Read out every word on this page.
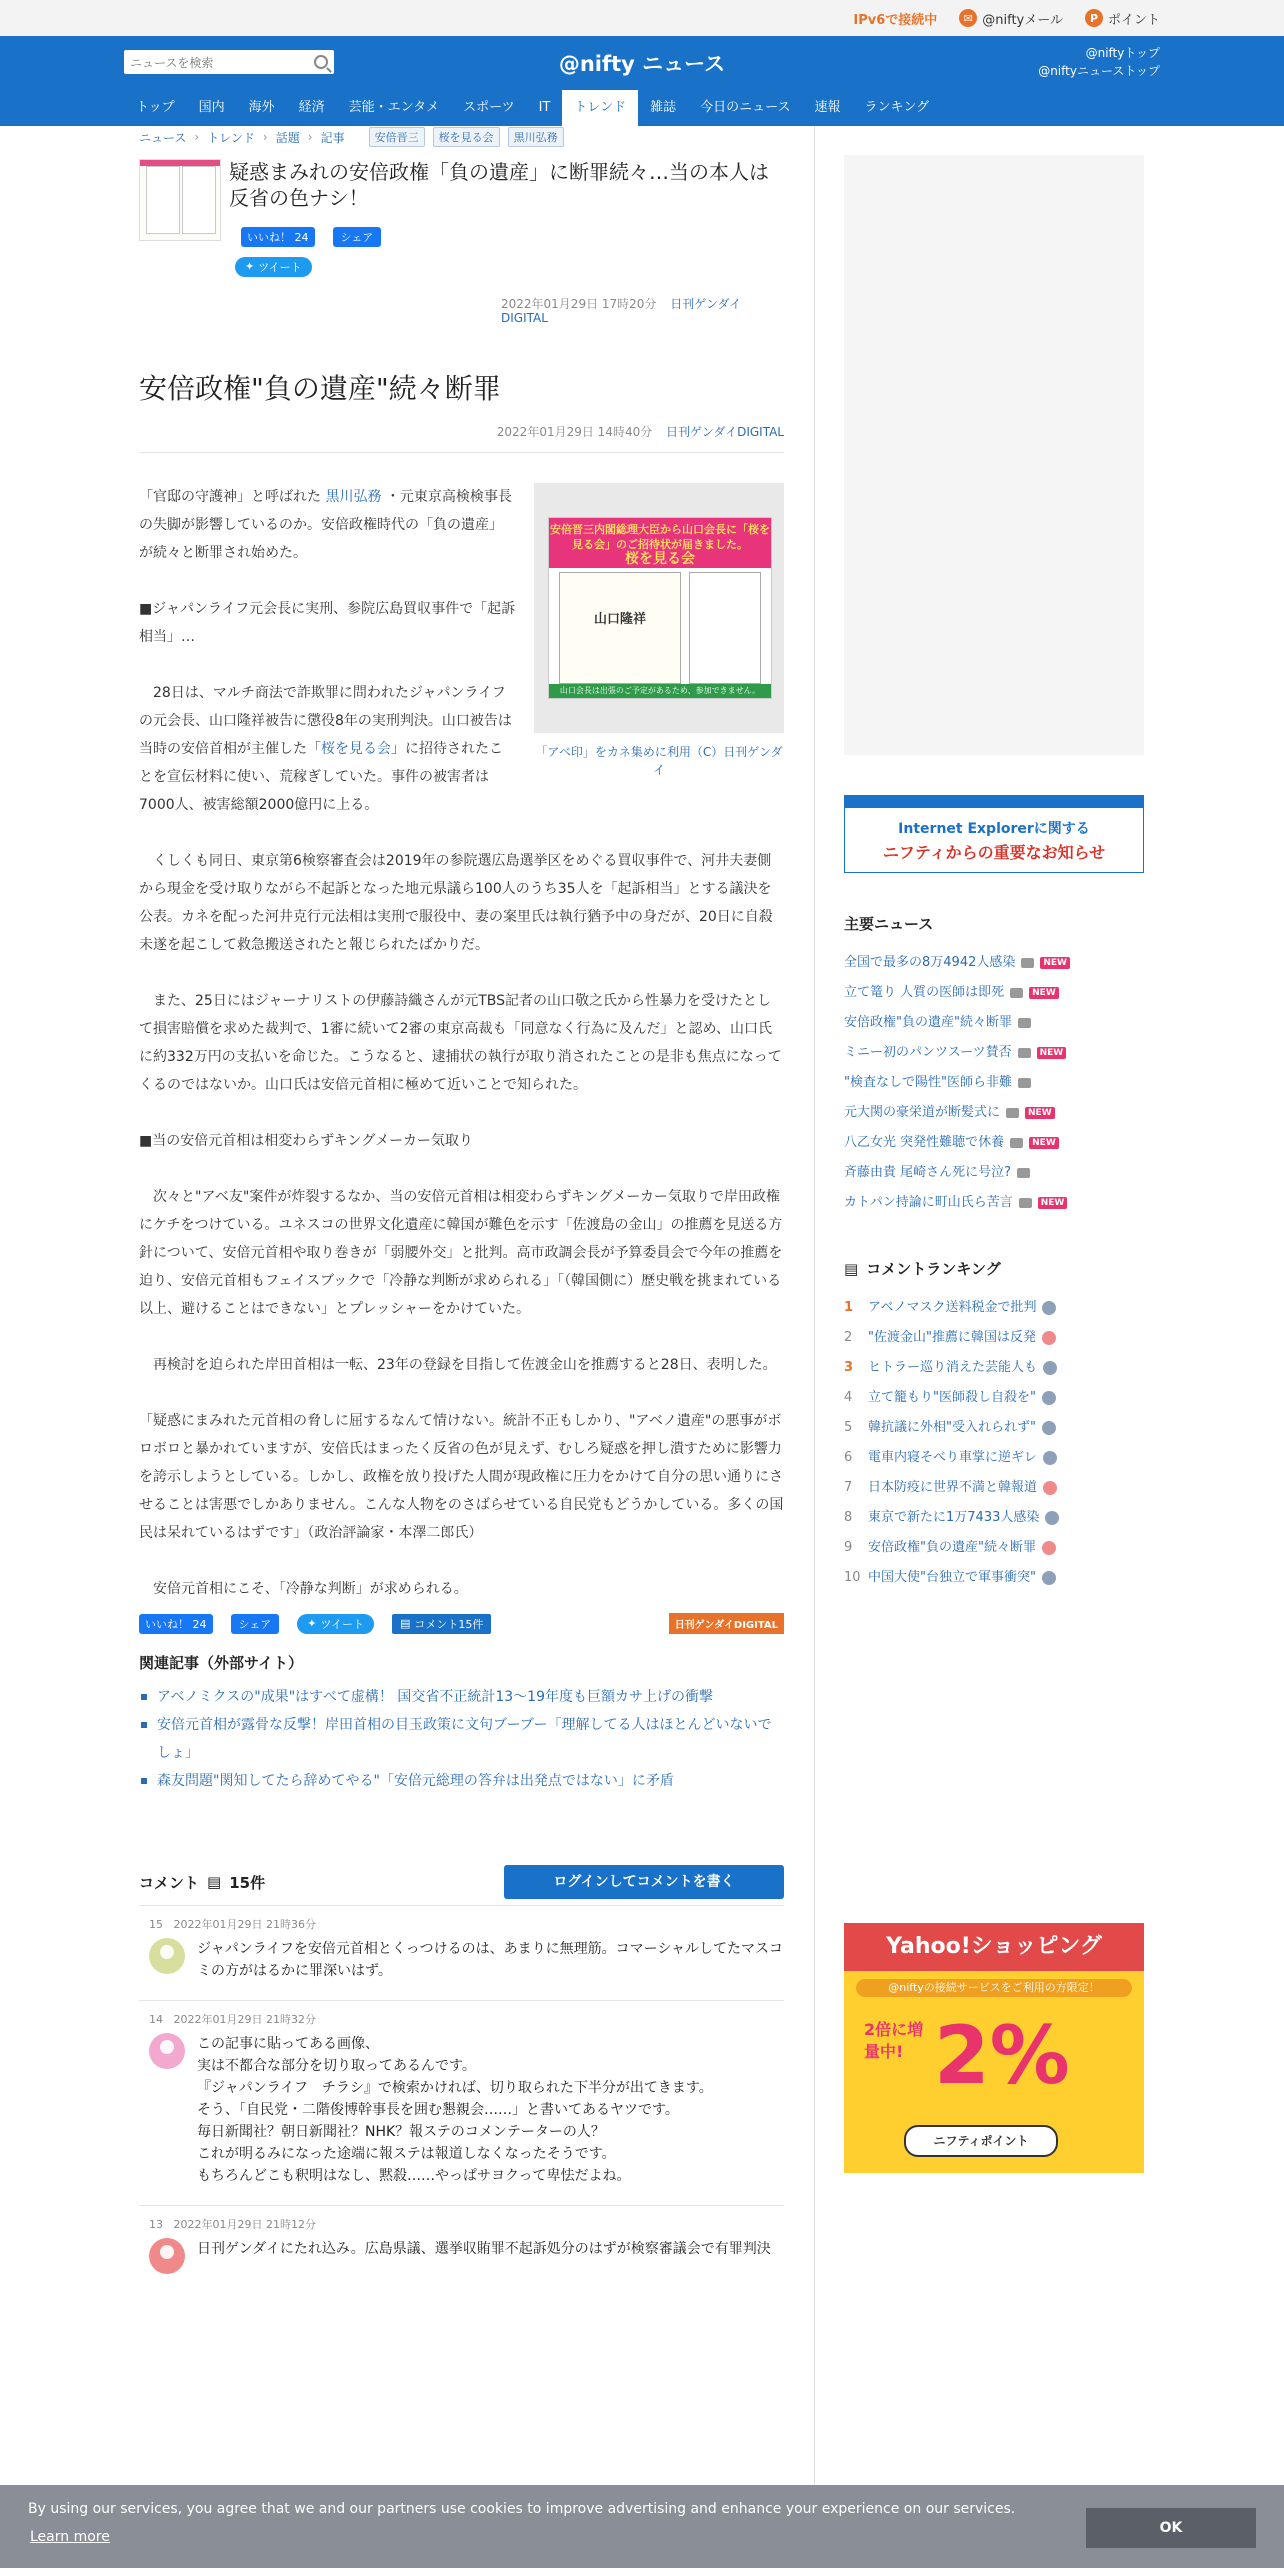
IPv6で接続中	✉ @niftyメール	P ポイント
ニュースを検索
@nifty ニュース	@niftyトップ
@niftyニューストップ
トップ	国内	海外	経済	芸能・エンタメ	スポーツ	IT	トレンド	雑誌	今日のニュース	速報	ランキング
ニュース › トレンド › 話題 › 記事	安倍晋三	桜を見る会	黒川弘務
疑惑まみれの安倍政権「負の遺産」に断罪続々…当の本人は反省の色ナシ！
いいね！ 24	シェア
✦ ツイート
2022年01月29日 17時20分 日刊ゲンダイDIGITAL
安倍政権"負の遺産"続々断罪
2022年01月29日 14時40分 日刊ゲンダイDIGITAL
安倍晋三内閣総理大臣から山口会長に「桜を見る会」のご招待状が届きました。
桜を見る会
山口隆祥
山口会長は出張のご予定があるため、参加できません。
「アベ印」をカネ集めに利用（C）日刊ゲンダイ

「官邸の守護神」と呼ばれた 黒川弘務 ・元東京高検検事長の失脚が影響しているのか。安倍政権時代の「負の遺産」が続々と断罪され始めた。

■ジャパンライフ元会長に実刑、参院広島買収事件で「起訴相当」…

28日は、マルチ商法で詐欺罪に問われたジャパンライフの元会長、山口隆祥被告に懲役8年の実刑判決。山口被告は当時の安倍首相が主催した「桜を見る会」に招待されたことを宣伝材料に使い、荒稼ぎしていた。事件の被害者は7000人、被害総額2000億円に上る。

くしくも同日、東京第6検察審査会は2019年の参院選広島選挙区をめぐる買収事件で、河井夫妻側から現金を受け取りながら不起訴となった地元県議ら100人のうち35人を「起訴相当」とする議決を公表。カネを配った河井克行元法相は実刑で服役中、妻の案里氏は執行猶予中の身だが、20日に自殺未遂を起こして救急搬送されたと報じられたばかりだ。

また、25日にはジャーナリストの伊藤詩織さんが元TBS記者の山口敬之氏から性暴力を受けたとして損害賠償を求めた裁判で、1審に続いて2審の東京高裁も「同意なく行為に及んだ」と認め、山口氏に約332万円の支払いを命じた。こうなると、逮捕状の執行が取り消されたことの是非も焦点になってくるのではないか。山口氏は安倍元首相に極めて近いことで知られた。

■当の安倍元首相は相変わらずキングメーカー気取り

次々と"アベ友"案件が炸裂するなか、当の安倍元首相は相変わらずキングメーカー気取りで岸田政権にケチをつけている。ユネスコの世界文化遺産に韓国が難色を示す「佐渡島の金山」の推薦を見送る方針について、安倍元首相や取り巻きが「弱腰外交」と批判。高市政調会長が予算委員会で今年の推薦を迫り、安倍元首相もフェイスブックで「冷静な判断が求められる」「（韓国側に）歴史戦を挑まれている以上、避けることはできない」とプレッシャーをかけていた。

再検討を迫られた岸田首相は一転、23年の登録を目指して佐渡金山を推薦すると28日、表明した。

「疑惑にまみれた元首相の脅しに屈するなんて情けない。統計不正もしかり、"アベノ遺産"の悪事がボロボロと暴かれていますが、安倍氏はまったく反省の色が見えず、むしろ疑惑を押し潰すために影響力を誇示しようとしている。しかし、政権を放り投げた人間が現政権に圧力をかけて自分の思い通りにさせることは害悪でしかありません。こんな人物をのさばらせている自民党もどうかしている。多くの国民は呆れているはずです」（政治評論家・本澤二郎氏）

安倍元首相にこそ、「冷静な判断」が求められる。

いいね！ 24	シェア	✦ ツイート	▤ コメント15件	日刊ゲンダイDIGITAL
関連記事（外部サイト）
アベノミクスの"成果"はすべて虚構！ 国交省不正統計13～19年度も巨額カサ上げの衝撃
安倍元首相が露骨な反撃！岸田首相の目玉政策に文句ブーブー「理解してる人はほとんどいないでしょ」
森友問題"関知してたら辞めてやる"「安倍元総理の答弁は出発点ではない」に矛盾
コメント ▤ 15件	ログインしてコメントを書く
15 2022年01月29日 21時36分
ジャパンライフを安倍元首相とくっつけるのは、あまりに無理筋。コマーシャルしてたマスコミの方がはるかに罪深いはず。
14 2022年01月29日 21時32分
この記事に貼ってある画像、
実は不都合な部分を切り取ってあるんです。
『ジャパンライフ　チラシ』で検索かければ、切り取られた下半分が出てきます。
そう、「自民党・二階俊博幹事長を囲む懇親会……」と書いてあるヤツです。
毎日新聞社？朝日新聞社？NHK？報ステのコメンテーターの人？
これが明るみになった途端に報ステは報道しなくなったそうです。
もちろんどこも釈明はなし、黙殺……やっぱサヨクって卑怯だよね。
13 2022年01月29日 21時12分
日刊ゲンダイにたれ込み。広島県議、選挙収賄罪不起訴処分のはずが検察審議会で有罪判決
Internet Explorerに関する
ニフティからの重要なお知らせ
主要ニュース
全国で最多の8万4942人感染	NEW
立て篭り 人質の医師は即死	NEW
安倍政権"負の遺産"続々断罪
ミニー初のパンツスーツ賛否	NEW
"検査なしで陽性"医師ら非難
元大関の豪栄道が断髪式に	NEW
八乙女光 突発性難聴で休養	NEW
斉藤由貴 尾崎さん死に号泣?
カトパン持論に町山氏ら苦言	NEW
▤ コメントランキング
1	アベノマスク送料税金で批判
2	"佐渡金山"推薦に韓国は反発
3	ヒトラー巡り消えた芸能人も
4	立て籠もり"医師殺し自殺を"
5	韓抗議に外相"受入れられず"
6	電車内寝そべり車掌に逆ギレ
7	日本防疫に世界不満と韓報道
8	東京で新たに1万7433人感染
9	安倍政権"負の遺産"続々断罪
10 中国大使"台独立で軍事衝突"
Yahoo!ショッピング
@niftyの接続サービスをご利用の方限定！
2倍に増量中! 2%
ニフティポイント
By using our services, you agree that we and our partners use cookies to improve advertising and enhance your experience on our services.
Learn more
OK
